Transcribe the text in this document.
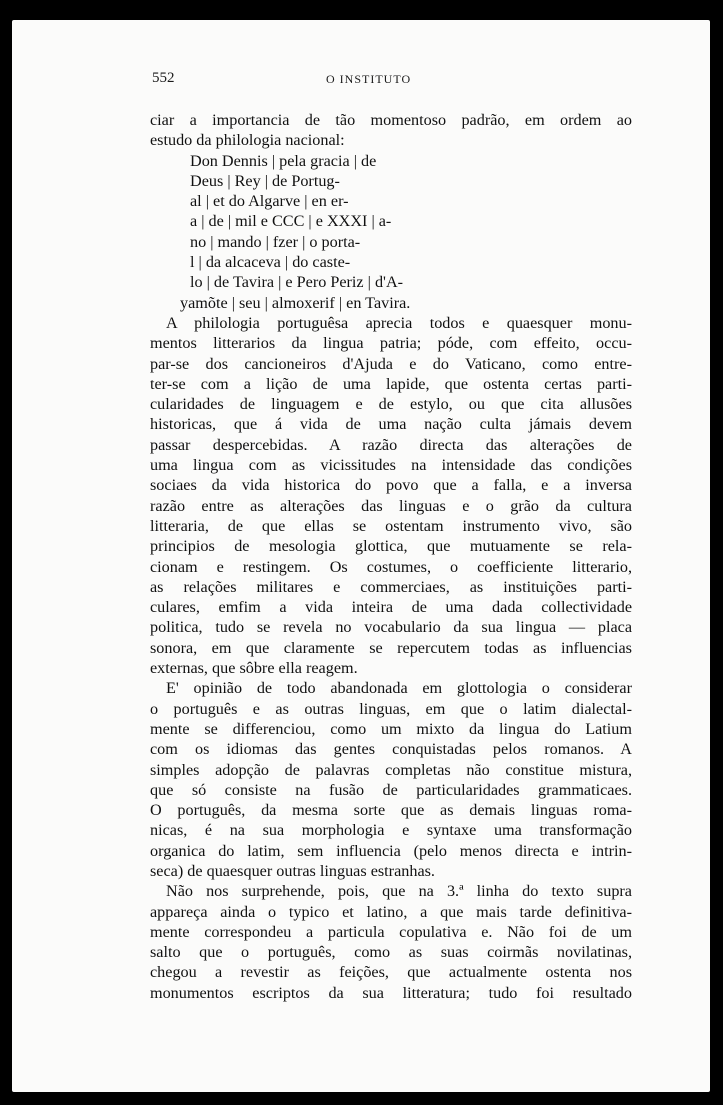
552	O INSTITUTO
ciar a importancia de tão momentoso padrão, em ordem ao
estudo da philologia nacional:
Don Dennis | pela gracia | de
Deus | Rey | de Portug-
al | et do Algarve | en er-
a | de | mil e CCC | e XXXI | a-
no | mando | fzer | o porta-
l | da alcaceva | do caste-
lo | de Tavira | e Pero Periz | d'A-
yamõte | seu | almoxerif | en Tavira.
A philologia portuguêsa aprecia todos e quaesquer monu-
mentos litterarios da lingua patria; póde, com effeito, occu-
par-se dos cancioneiros d'Ajuda e do Vaticano, como entre-
ter-se com a lição de uma lapide, que ostenta certas parti-
cularidades de linguagem e de estylo, ou que cita allusões
historicas, que á vida de uma nação culta jámais devem
passar despercebidas. A razão directa das alterações de
uma lingua com as vicissitudes na intensidade das condições
sociaes da vida historica do povo que a falla, e a inversa
razão entre as alterações das linguas e o grão da cultura
litteraria, de que ellas se ostentam instrumento vivo, são
principios de mesologia glottica, que mutuamente se rela-
cionam e restingem. Os costumes, o coefficiente litterario,
as relações militares e commerciaes, as instituições parti-
culares, emfim a vida inteira de uma dada collectividade
politica, tudo se revela no vocabulario da sua lingua — placa
sonora, em que claramente se repercutem todas as influencias
externas, que sôbre ella reagem.
E' opinião de todo abandonada em glottologia o considerar
o português e as outras linguas, em que o latim dialectal-
mente se differenciou, como um mixto da lingua do Latium
com os idiomas das gentes conquistadas pelos romanos. A
simples adopção de palavras completas não constitue mistura,
que só consiste na fusão de particularidades grammaticaes.
O português, da mesma sorte que as demais linguas roma-
nicas, é na sua morphologia e syntaxe uma transformação
organica do latim, sem influencia (pelo menos directa e intrin-
seca) de quaesquer outras linguas estranhas.
Não nos surprehende, pois, que na 3.ª linha do texto supra
appareça ainda o typico et latino, a que mais tarde definitiva-
mente correspondeu a particula copulativa e. Não foi de um
salto que o português, como as suas coirmãs novilatinas,
chegou a revestir as feições, que actualmente ostenta nos
monumentos escriptos da sua litteratura; tudo foi resultado
